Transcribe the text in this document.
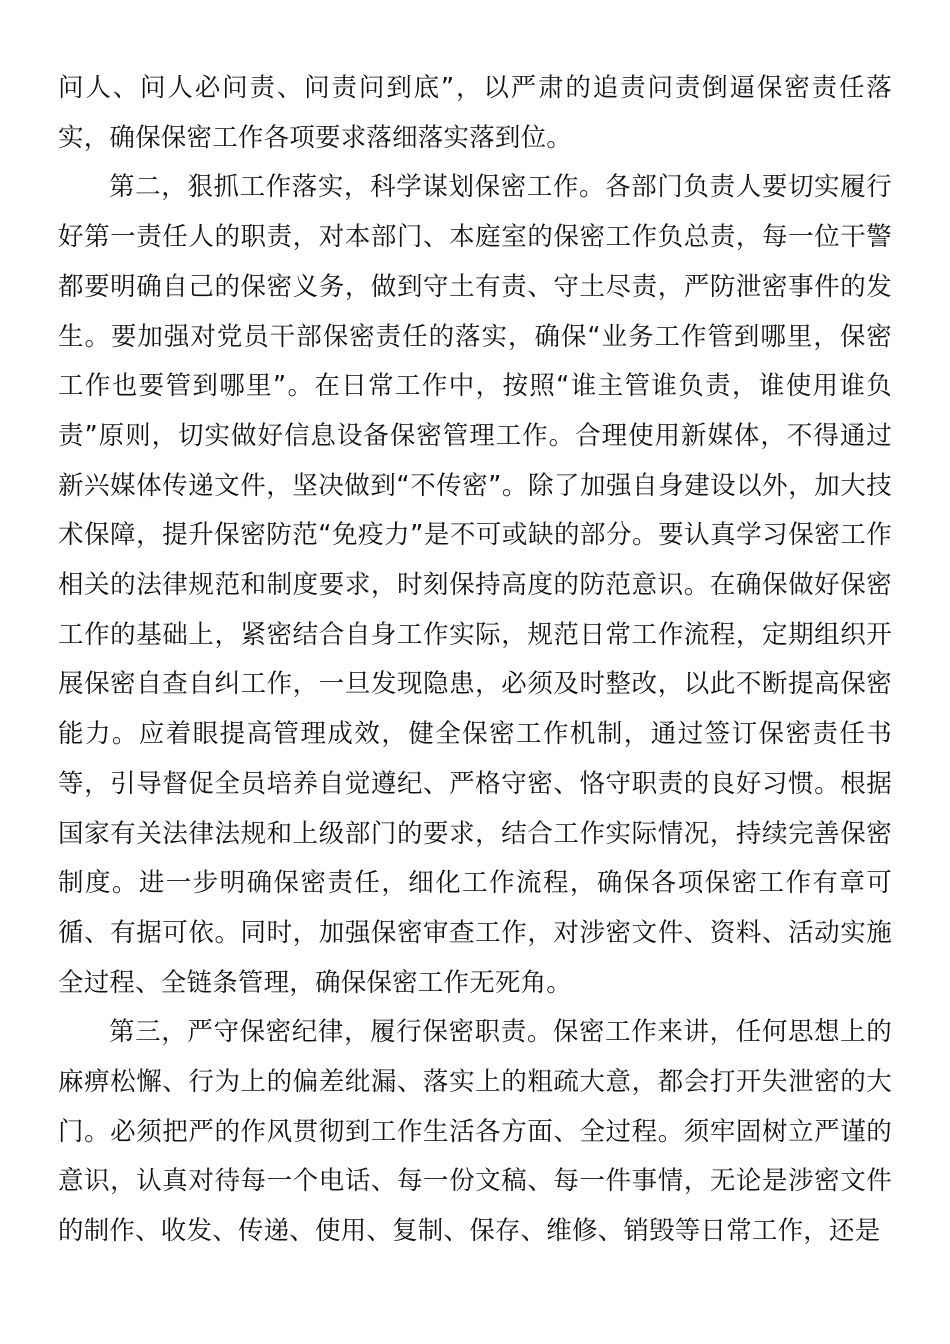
问人、问人必问责、问责问到底”，以严肃的追责问责倒逼保密责任落实，确保保密工作各项要求落细落实落到位。

第二，狠抓工作落实，科学谋划保密工作。各部门负责人要切实履行好第一责任人的职责，对本部门、本庭室的保密工作负总责，每一位干警都要明确自己的保密义务，做到守土有责、守土尽责，严防泄密事件的发生。要加强对党员干部保密责任的落实，确保“业务工作管到哪里，保密工作也要管到哪里”。在日常工作中，按照“谁主管谁负责，谁使用谁负责”原则，切实做好信息设备保密管理工作。合理使用新媒体，不得通过新兴媒体传递文件，坚决做到“不传密”。除了加强自身建设以外，加大技术保障，提升保密防范“免疫力”是不可或缺的部分。要认真学习保密工作相关的法律规范和制度要求，时刻保持高度的防范意识。在确保做好保密工作的基础上，紧密结合自身工作实际，规范日常工作流程，定期组织开展保密自查自纠工作，一旦发现隐患，必须及时整改，以此不断提高保密能力。应着眼提高管理成效，健全保密工作机制，通过签订保密责任书等，引导督促全员培养自觉遵纪、严格守密、恪守职责的良好习惯。根据国家有关法律法规和上级部门的要求，结合工作实际情况，持续完善保密制度。进一步明确保密责任，细化工作流程，确保各项保密工作有章可循、有据可依。同时，加强保密审查工作，对涉密文件、资料、活动实施全过程、全链条管理，确保保密工作无死角。

第三，严守保密纪律，履行保密职责。保密工作来讲，任何思想上的麻痹松懈、行为上的偏差纰漏、落实上的粗疏大意，都会打开失泄密的大门。必须把严的作风贯彻到工作生活各方面、全过程。须牢固树立严谨的意识，认真对待每一个电话、每一份文稿、每一件事情，无论是涉密文件的制作、收发、传递、使用、复制、保存、维修、销毁等日常工作，还是
